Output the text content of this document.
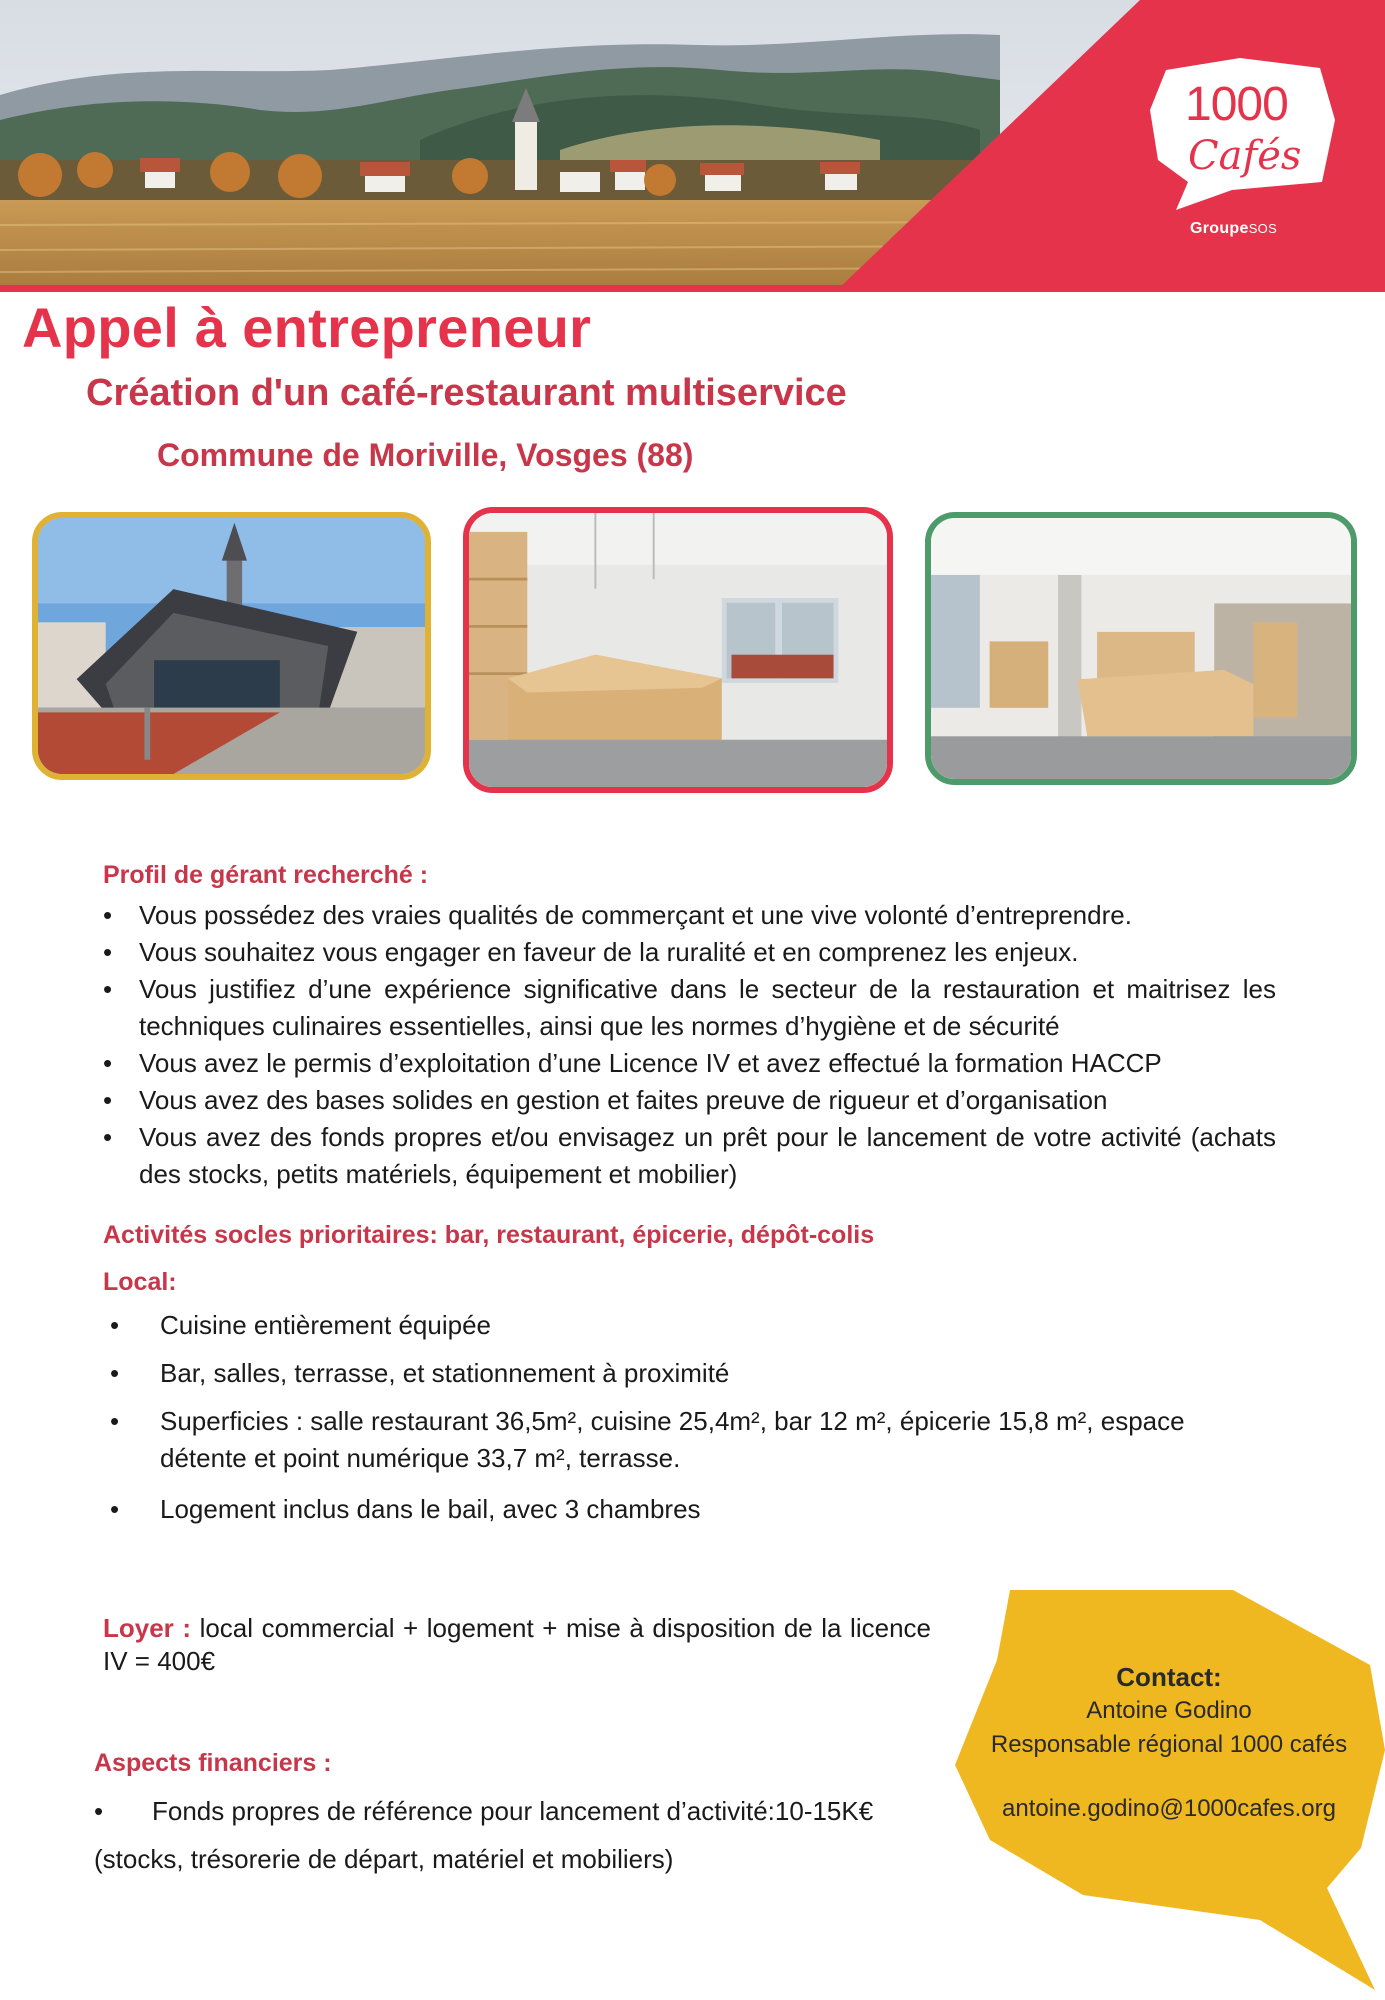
1000
Cafés
GroupeSOS
Appel à entrepreneur
Création d'un café-restaurant multiservice
Commune de Moriville, Vosges (88)
Profil de gérant recherché :
• Vous possédez des vraies qualités de commerçant et une vive volonté d’entreprendre.
• Vous souhaitez vous engager en faveur de la ruralité et en comprenez les enjeux.
• Vous justifiez d’une expérience significative dans le secteur de la restauration et maitrisez les techniques culinaires essentielles, ainsi que les normes d’hygiène et de sécurité
• Vous avez le permis d’exploitation d’une Licence IV et avez effectué la formation HACCP
• Vous avez des bases solides en gestion et faites preuve de rigueur et d’organisation
• Vous avez des fonds propres et/ou envisagez un prêt pour le lancement de votre activité (achats des stocks, petits matériels, équipement et mobilier)
Activités socles prioritaires: bar, restaurant, épicerie, dépôt-colis
Local:
• Cuisine entièrement équipée
• Bar, salles, terrasse, et stationnement à proximité
• Superficies : salle restaurant 36,5m², cuisine 25,4m², bar 12 m², épicerie 15,8 m², espace détente et point numérique 33,7 m², terrasse.
• Logement inclus dans le bail, avec 3 chambres
Loyer : local commercial + logement + mise à disposition de la licence IV = 400€
Aspects financiers :
• Fonds propres de référence pour lancement d’activité:10-15K€
(stocks, trésorerie de départ, matériel et mobiliers)
Contact:
Antoine Godino
Responsable régional 1000 cafés
antoine.godino@1000cafes.org
